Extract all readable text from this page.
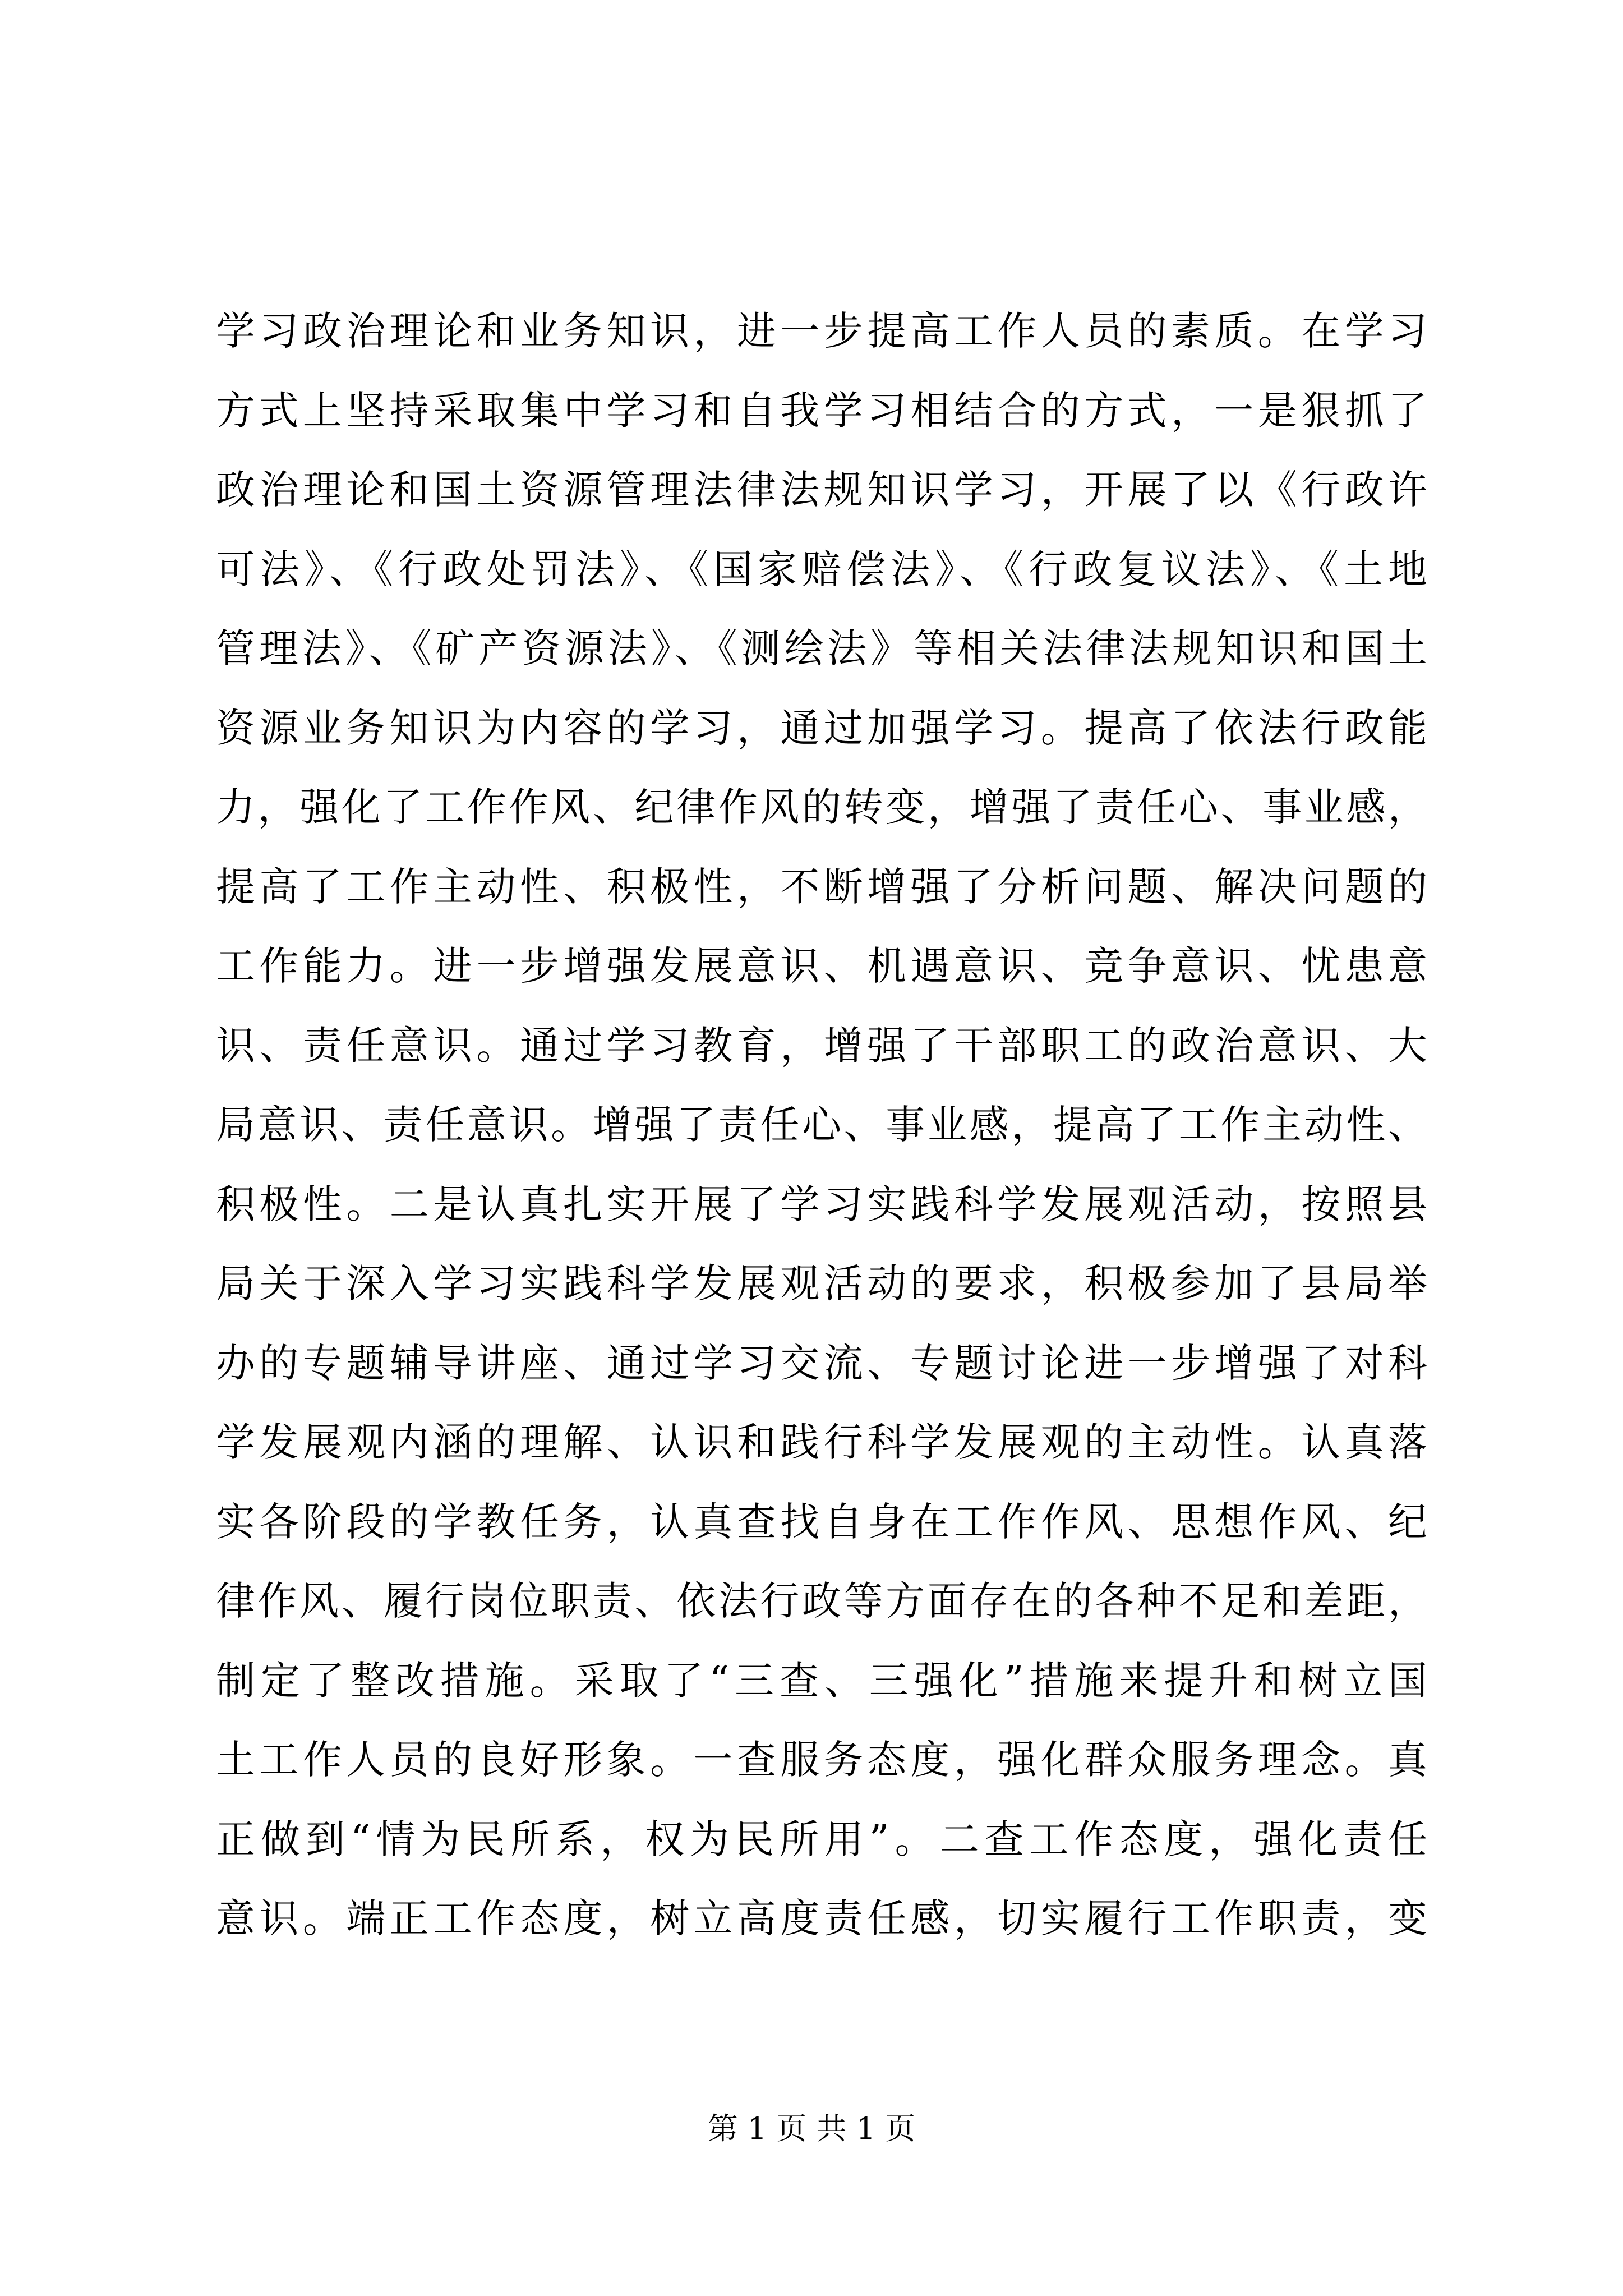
学习政治理论和业务知识，进一步提高工作人员的素质。在学习
方式上坚持采取集中学习和自我学习相结合的方式，一是狠抓了
政治理论和国土资源管理法律法规知识学习，开展了以《行政许
可法》、《行政处罚法》、《国家赔偿法》、《行政复议法》、《土地
管理法》、《矿产资源法》、《测绘法》等相关法律法规知识和国土
资源业务知识为内容的学习，通过加强学习。提高了依法行政能
力，强化了工作作风、纪律作风的转变，增强了责任心、事业感，
提高了工作主动性、积极性，不断增强了分析问题、解决问题的
工作能力。进一步增强发展意识、机遇意识、竞争意识、忧患意
识、责任意识。通过学习教育，增强了干部职工的政治意识、大
局意识、责任意识。增强了责任心、事业感，提高了工作主动性、
积极性。二是认真扎实开展了学习实践科学发展观活动，按照县
局关于深入学习实践科学发展观活动的要求，积极参加了县局举
办的专题辅导讲座、通过学习交流、专题讨论进一步增强了对科
学发展观内涵的理解、认识和践行科学发展观的主动性。认真落
实各阶段的学教任务，认真查找自身在工作作风、思想作风、纪
律作风、履行岗位职责、依法行政等方面存在的各种不足和差距，
制定了整改措施。采取了“三查、三强化”措施来提升和树立国
土工作人员的良好形象。一查服务态度，强化群众服务理念。真
正做到“情为民所系，权为民所用”。二查工作态度，强化责任
意识。端正工作态度，树立高度责任感，切实履行工作职责，变
第 1 页 共 1 页
